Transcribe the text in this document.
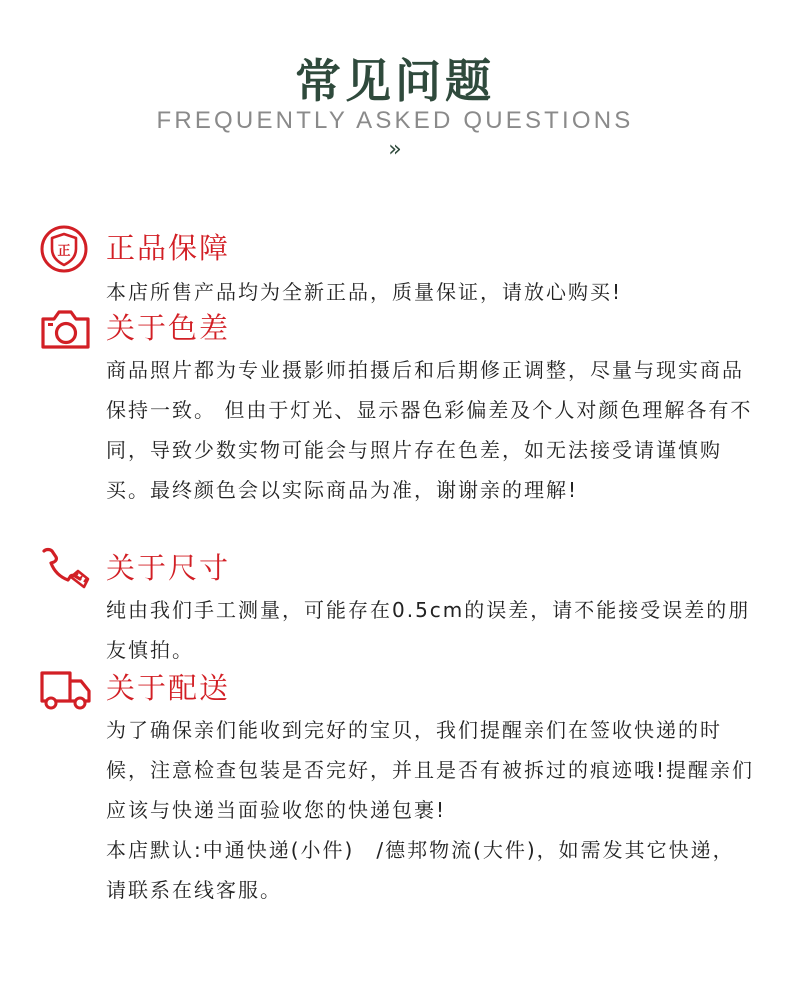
常见问题
FREQUENTLY ASKED QUESTIONS
»
正 正品保障

本店所售产品均为全新正品，质量保证，请放心购买!

关于色差

商品照片都为专业摄影师拍摄后和后期修正调整，尽量与现实商品保持一致。 但由于灯光、显示器色彩偏差及个人对颜色理解各有不同，导致少数实物可能会与照片存在色差，如无法接受请谨慎购买。最终颜色会以实际商品为准，谢谢亲的理解!

关于尺寸

纯由我们手工测量，可能存在0.5cm的误差，请不能接受误差的朋友慎拍。

关于配送

为了确保亲们能收到完好的宝贝，我们提醒亲们在签收快递的时候，注意检查包装是否完好，并且是否有被拆过的痕迹哦!提醒亲们应该与快递当面验收您的快递包裹!

本店默认:中通快递(小件)　/德邦物流(大件)，如需发其它快递，请联系在线客服。
